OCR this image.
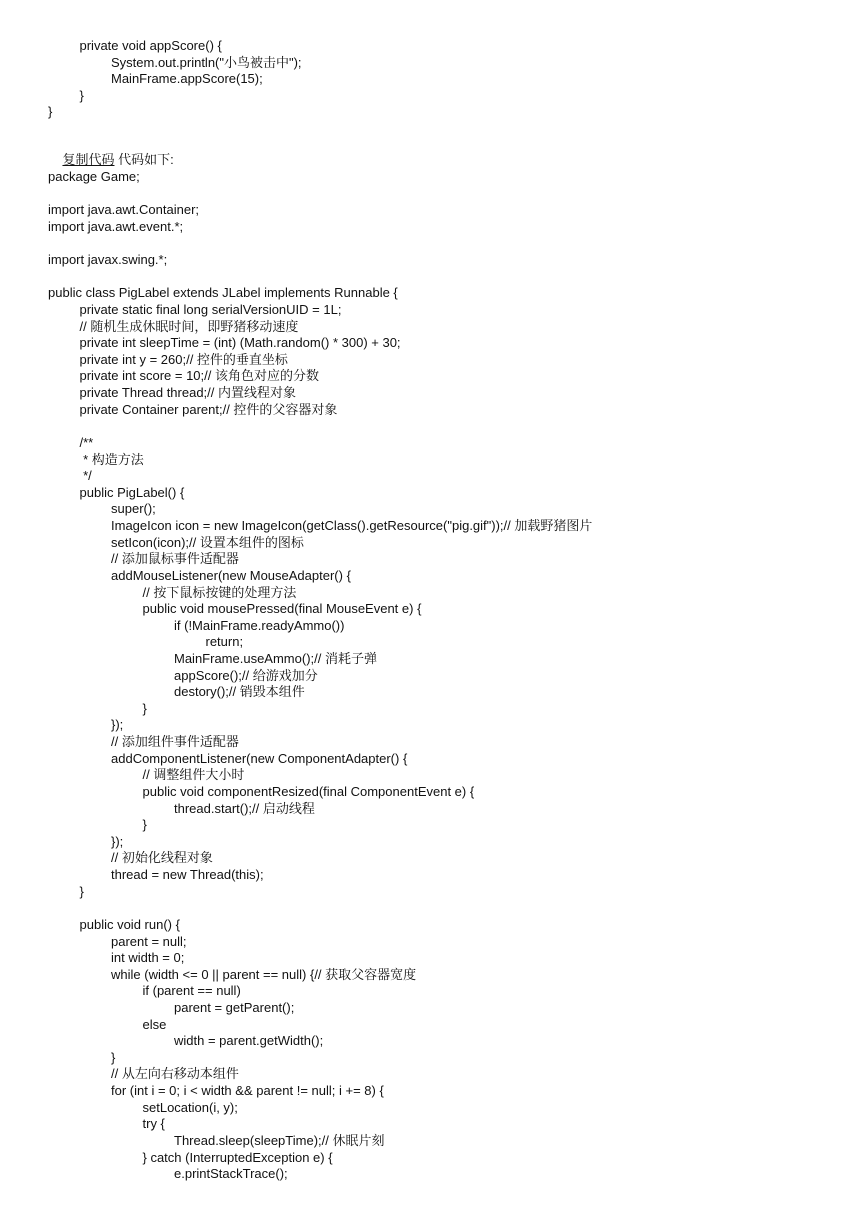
private void appScore() {
System.out.println("小鸟被击中");
MainFrame.appScore(15);
}
}

复制代码 代码如下:

package Game;
import java.awt.Container;
import java.awt.event.*;
import javax.swing.*;
public class PigLabel extends JLabel implements Runnable {
private static final long serialVersionUID = 1L;
// 随机生成休眠时间，即野猪移动速度
private int sleepTime = (int) (Math.random() * 300) + 30;
private int y = 260;// 控件的垂直坐标
private int score = 10;// 该角色对应的分数
private Thread thread;// 内置线程对象
private Container parent;// 控件的父容器对象
/**
* 构造方法
*/
public PigLabel() {
super();
ImageIcon icon = new ImageIcon(getClass().getResource("pig.gif"));// 加载野猪图片
setIcon(icon);// 设置本组件的图标
// 添加鼠标事件适配器
addMouseListener(new MouseAdapter() {
// 按下鼠标按键的处理方法
public void mousePressed(final MouseEvent e) {
if (!MainFrame.readyAmmo())
return;
MainFrame.useAmmo();// 消耗子弹
appScore();// 给游戏加分
destory();// 销毁本组件
}
});
// 添加组件事件适配器
addComponentListener(new ComponentAdapter() {
// 调整组件大小时
public void componentResized(final ComponentEvent e) {
thread.start();// 启动线程
}
});
// 初始化线程对象
thread = new Thread(this);
}
public void run() {
parent = null;
int width = 0;
while (width <= 0 || parent == null) {// 获取父容器宽度
if (parent == null)
parent = getParent();
else
width = parent.getWidth();
}
// 从左向右移动本组件
for (int i = 0; i < width && parent != null; i += 8) {
setLocation(i, y);
try {
Thread.sleep(sleepTime);// 休眠片刻
} catch (InterruptedException e) {
e.printStackTrace();
